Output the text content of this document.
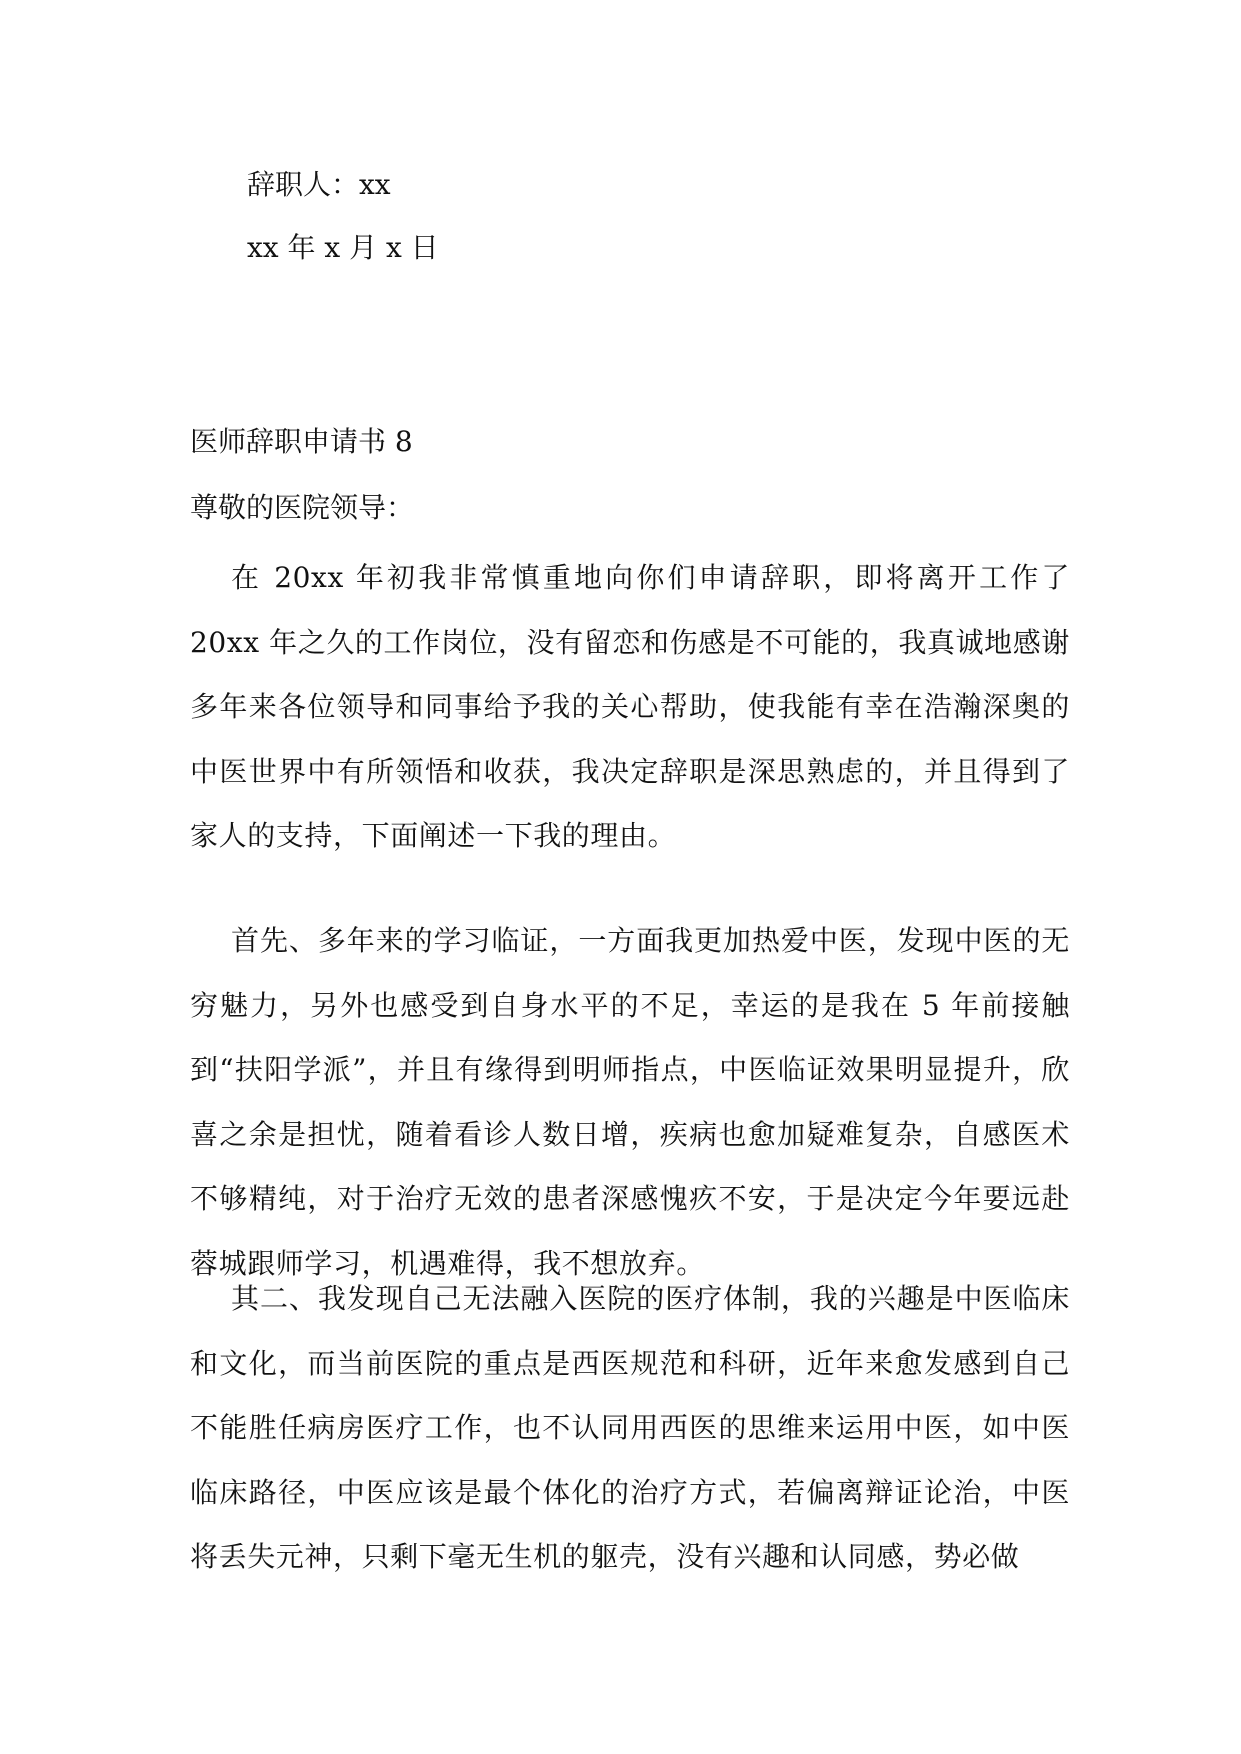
辞职人：xx

xx 年 x 月 x 日

医师辞职申请书 8

尊敬的医院领导：

在 20xx 年初我非常慎重地向你们申请辞职，即将离开工作了 20xx 年之久的工作岗位，没有留恋和伤感是不可能的，我真诚地感谢多年来各位领导和同事给予我的关心帮助，使我能有幸在浩瀚深奥的中医世界中有所领悟和收获，我决定辞职是深思熟虑的，并且得到了家人的支持，下面阐述一下我的理由。

首先、多年来的学习临证，一方面我更加热爱中医，发现中医的无穷魅力，另外也感受到自身水平的不足，幸运的是我在 5 年前接触到“扶阳学派”，并且有缘得到明师指点，中医临证效果明显提升，欣喜之余是担忧，随着看诊人数日增，疾病也愈加疑难复杂，自感医术不够精纯，对于治疗无效的患者深感愧疚不安，于是决定今年要远赴蓉城跟师学习，机遇难得，我不想放弃。

其二、我发现自己无法融入医院的医疗体制，我的兴趣是中医临床和文化，而当前医院的重点是西医规范和科研，近年来愈发感到自己不能胜任病房医疗工作，也不认同用西医的思维来运用中医，如中医临床路径，中医应该是最个体化的治疗方式，若偏离辩证论治，中医将丢失元神，只剩下毫无生机的躯壳，没有兴趣和认同感，势必做
